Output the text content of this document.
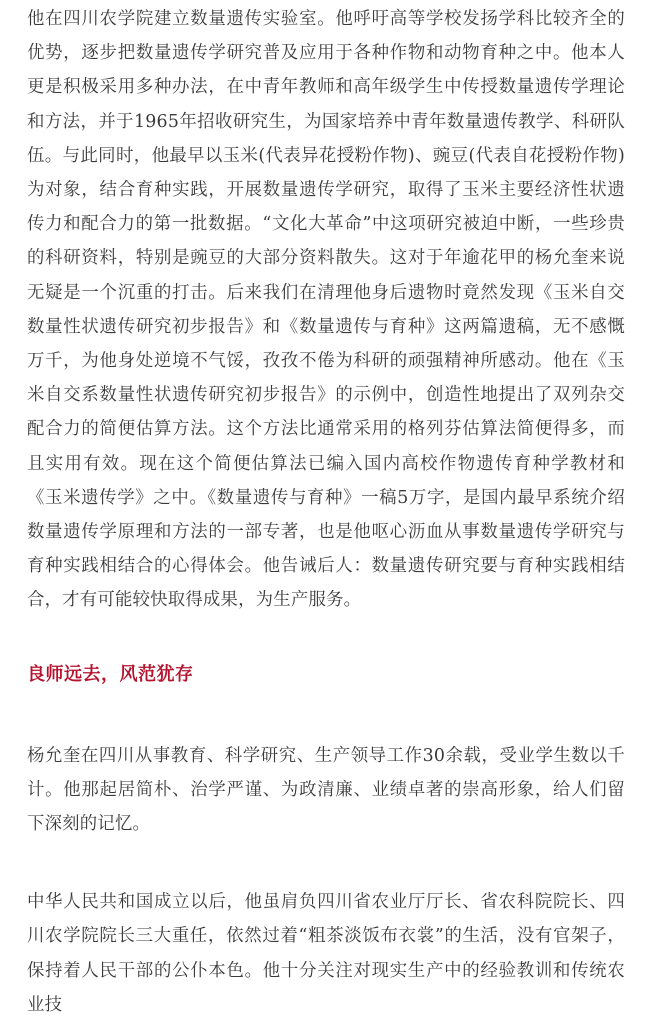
他在四川农学院建立数量遗传实验室。他呼吁高等学校发扬学科比较齐全的优势，逐步把数量遗传学研究普及应用于各种作物和动物育种之中。他本人更是积极采用多种办法，在中青年教师和高年级学生中传授数量遗传学理论和方法，并于1965年招收研究生，为国家培养中青年数量遗传教学、科研队伍。与此同时，他最早以玉米(代表异花授粉作物)、豌豆(代表自花授粉作物)为对象，结合育种实践，开展数量遗传学研究，取得了玉米主要经济性状遗传力和配合力的第一批数据。“文化大革命”中这项研究被迫中断，一些珍贵的科研资料，特别是豌豆的大部分资料散失。这对于年逾花甲的杨允奎来说无疑是一个沉重的打击。后来我们在清理他身后遗物时竟然发现《玉米自交数量性状遗传研究初步报告》和《数量遗传与育种》这两篇遗稿，无不感慨万千，为他身处逆境不气馁，孜孜不倦为科研的顽强精神所感动。他在《玉米自交系数量性状遗传研究初步报告》的示例中，创造性地提出了双列杂交配合力的简便估算方法。这个方法比通常采用的格列芬估算法简便得多，而且实用有效。现在这个简便估算法已编入国内高校作物遗传育种学教材和《玉米遗传学》之中。《数量遗传与育种》一稿5万字，是国内最早系统介绍数量遗传学原理和方法的一部专著，也是他呕心沥血从事数量遗传学研究与育种实践相结合的心得体会。他告诫后人：数量遗传研究要与育种实践相结合，才有可能较快取得成果，为生产服务。

良师远去，风范犹存

杨允奎在四川从事教育、科学研究、生产领导工作30余载，受业学生数以千计。他那起居简朴、治学严谨、为政清廉、业绩卓著的崇高形象，给人们留下深刻的记忆。

中华人民共和国成立以后，他虽肩负四川省农业厅厅长、省农科院院长、四川农学院院长三大重任，依然过着“粗茶淡饭布衣裳”的生活，没有官架子，保持着人民干部的公仆本色。他十分关注对现实生产中的经验教训和传统农业技
